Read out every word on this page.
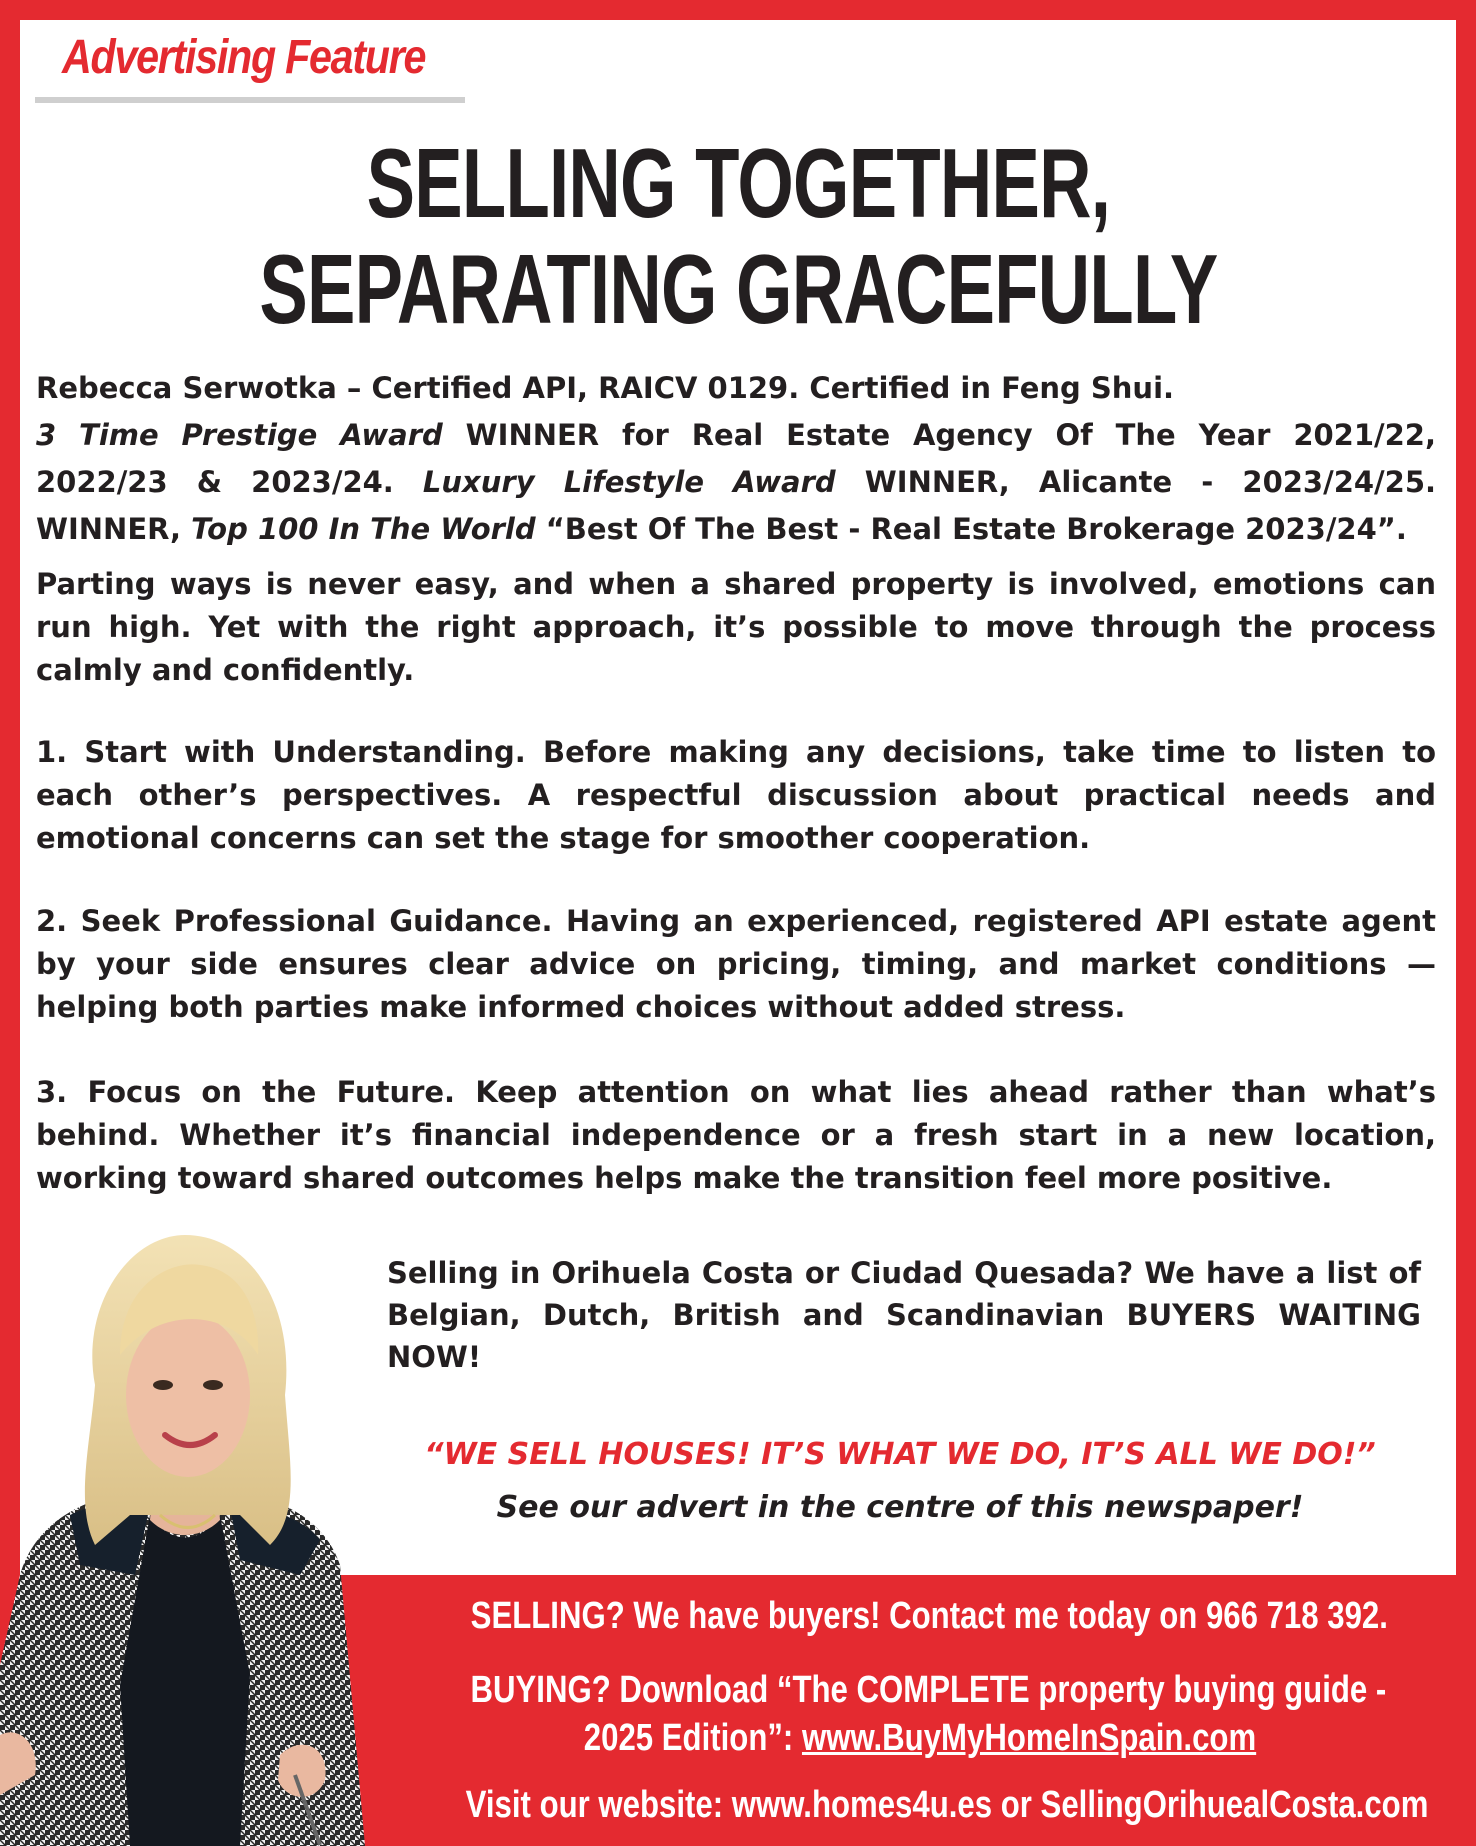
Advertising Feature
SELLING TOGETHER,
SEPARATING GRACEFULLY
Rebecca Serwotka – Certified API, RAICV 0129. Certified in Feng Shui.
3 Time Prestige Award WINNER for Real Estate Agency Of The Year 2021/22,
2022/23 & 2023/24. Luxury Lifestyle Award WINNER, Alicante - 2023/24/25.
WINNER, Top 100 In The World “Best Of The Best - Real Estate Brokerage 2023/24”.
Parting ways is never easy, and when a shared property is involved, emotions can
run high. Yet with the right approach, it’s possible to move through the process
calmly and confidently.
1. Start with Understanding. Before making any decisions, take time to listen to
each other’s perspectives. A respectful discussion about practical needs and
emotional concerns can set the stage for smoother cooperation.
2. Seek Professional Guidance. Having an experienced, registered API estate agent
by your side ensures clear advice on pricing, timing, and market conditions —
helping both parties make informed choices without added stress.
3. Focus on the Future. Keep attention on what lies ahead rather than what’s
behind. Whether it’s financial independence or a fresh start in a new location,
working toward shared outcomes helps make the transition feel more positive.
Selling in Orihuela Costa or Ciudad Quesada? We have a list of
Belgian, Dutch, British and Scandinavian BUYERS WAITING
NOW!
“WE SELL HOUSES! IT’S WHAT WE DO, IT’S ALL WE DO!”
See our advert in the centre of this newspaper!
SELLING? We have buyers! Contact me today on 966 718 392.
BUYING? Download “The COMPLETE property buying guide -
2025 Edition”: www.BuyMyHomeInSpain.com
Visit our website: www.homes4u.es or SellingOrihuealCosta.com
